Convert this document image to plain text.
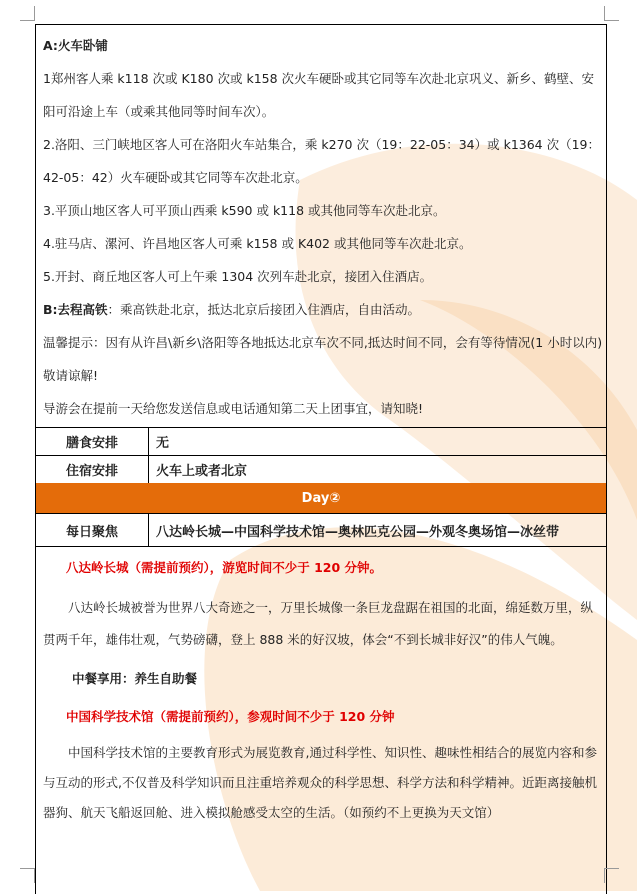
A:火车卧铺
1郑州客人乘 k118 次或 K180 次或 k158 次火车硬卧或其它同等车次赴北京巩义、新乡、鹤壁、安阳可沿途上车（或乘其他同等时间车次）。
2.洛阳、三门峡地区客人可在洛阳火车站集合，乘 k270 次（19：22-05：34）或 k1364 次（19：42-05：42）火车硬卧或其它同等车次赴北京。
3.平顶山地区客人可平顶山西乘 k590 或 k118 或其他同等车次赴北京。
4.驻马店、漯河、许昌地区客人可乘 k158 或 K402 或其他同等车次赴北京。
5.开封、商丘地区客人可上午乘 1304 次列车赴北京，接团入住酒店。
B:去程高铁：乘高铁赴北京，抵达北京后接团入住酒店，自由活动。
温馨提示：因有从许昌\新乡\洛阳等各地抵达北京车次不同,抵达时间不同，会有等待情况(1 小时以内)敬请谅解!
导游会在提前一天给您发送信息或电话通知第二天上团事宜，请知晓!
膳食安排	无
住宿安排	火车上或者北京
Day②
每日聚焦	八达岭长城—中国科学技术馆—奥林匹克公园—外观冬奥场馆—冰丝带
八达岭长城（需提前预约），游览时间不少于 120 分钟。
八达岭长城被誉为世界八大奇迹之一，万里长城像一条巨龙盘踞在祖国的北面，绵延数万里，纵贯两千年，雄伟壮观，气势磅礴，登上 888 米的好汉坡，体会“不到长城非好汉”的伟人气魄。
中餐享用：养生自助餐
中国科学技术馆（需提前预约），参观时间不少于 120 分钟
中国科学技术馆的主要教育形式为展览教育,通过科学性、知识性、趣味性相结合的展览内容和参与互动的形式,不仅普及科学知识而且注重培养观众的科学思想、科学方法和科学精神。近距离接触机器狗、航天飞船返回舱、进入模拟舱感受太空的生活。（如预约不上更换为天文馆）
